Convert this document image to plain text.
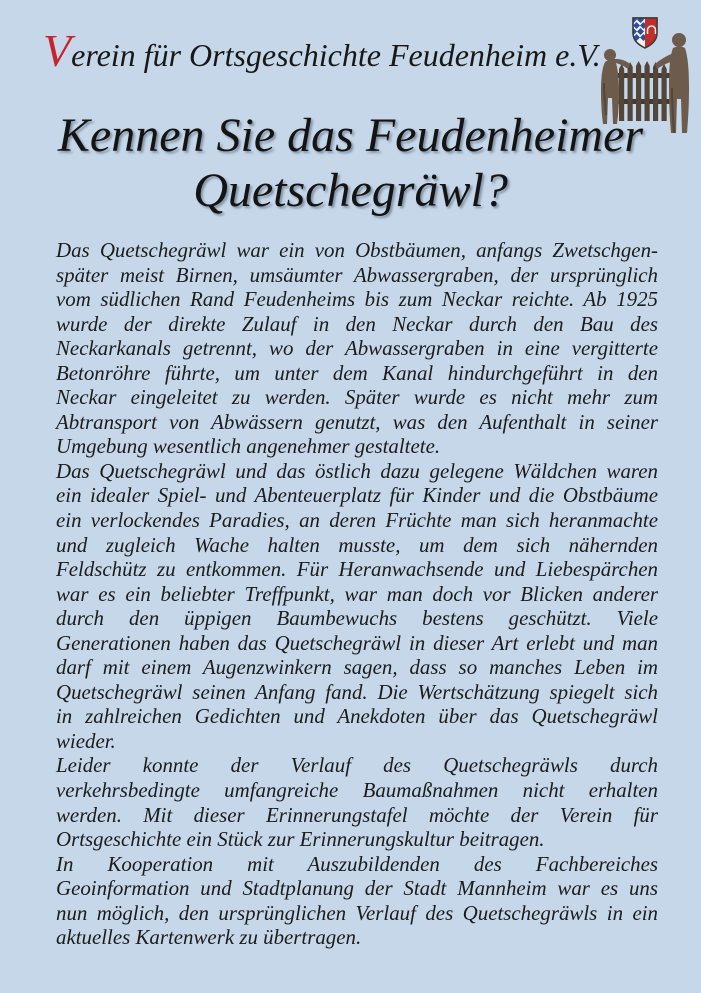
Verein für Ortsgeschichte Feudenheim e.V.
Kennen Sie das Feudenheimer
Quetschegräwl?
Das Quetschegräwl war ein von Obstbäumen, anfangs Zwetschgen-
später meist Birnen, umsäumter Abwassergraben, der ursprünglich
vom südlichen Rand Feudenheims bis zum Neckar reichte. Ab 1925
wurde der direkte Zulauf in den Neckar durch den Bau des
Neckarkanals getrennt, wo der Abwassergraben in eine vergitterte
Betonröhre führte, um unter dem Kanal hindurchgeführt in den
Neckar eingeleitet zu werden. Später wurde es nicht mehr zum
Abtransport von Abwässern genutzt, was den Aufenthalt in seiner
Umgebung wesentlich angenehmer gestaltete.
Das Quetschegräwl und das östlich dazu gelegene Wäldchen waren
ein idealer Spiel- und Abenteuerplatz für Kinder und die Obstbäume
ein verlockendes Paradies, an deren Früchte man sich heranmachte
und zugleich Wache halten musste, um dem sich nähernden
Feldschütz zu entkommen. Für Heranwachsende und Liebespärchen
war es ein beliebter Treffpunkt, war man doch vor Blicken anderer
durch den üppigen Baumbewuchs bestens geschützt. Viele
Generationen haben das Quetschegräwl in dieser Art erlebt und man
darf mit einem Augenzwinkern sagen, dass so manches Leben im
Quetschegräwl seinen Anfang fand. Die Wertschätzung spiegelt sich
in zahlreichen Gedichten und Anekdoten über das Quetschegräwl
wieder.
Leider konnte der Verlauf des Quetschegräwls durch
verkehrsbedingte umfangreiche Baumaßnahmen nicht erhalten
werden. Mit dieser Erinnerungstafel möchte der Verein für
Ortsgeschichte ein Stück zur Erinnerungskultur beitragen.
In Kooperation mit Auszubildenden des Fachbereiches
Geoinformation und Stadtplanung der Stadt Mannheim war es uns
nun möglich, den ursprünglichen Verlauf des Quetschegräwls in ein
aktuelles Kartenwerk zu übertragen.
